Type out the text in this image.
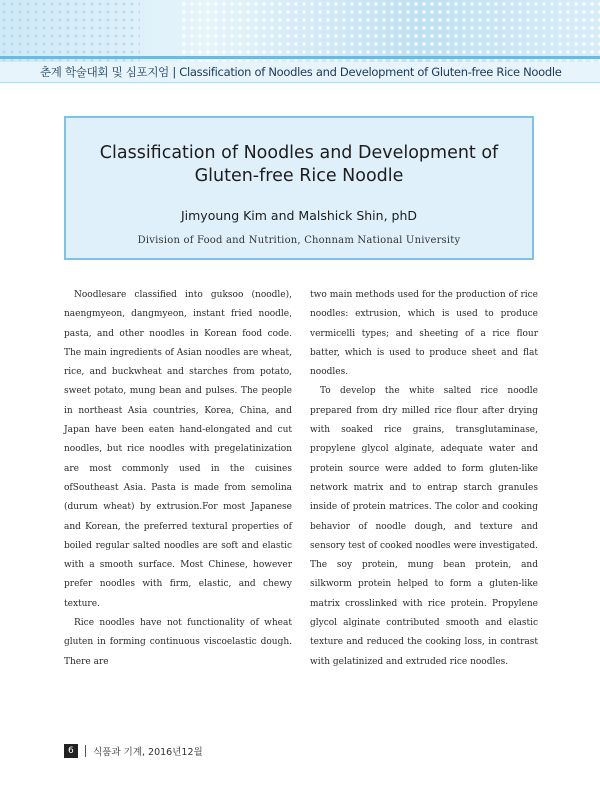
춘계 학술대회 및 심포지엄 | Classification of Noodles and Development of Gluten-free Rice Noodle
Classification of Noodles and Development of Gluten-free Rice Noodle
Jimyoung Kim and Malshick Shin, phD
Division of Food and Nutrition, Chonnam National University

Noodlesare classified into guksoo (noodle), naengmyeon, dangmyeon, instant fried noodle, pasta, and other noodles in Korean food code. The main ingredients of Asian noodles are wheat, rice, and buckwheat and starches from potato, sweet potato, mung bean and pulses. The people in northeast Asia countries, Korea, China, and Japan have been eaten hand-elongated and cut noodles, but rice noodles with pregelatinization are most commonly used in the cuisines ofSoutheast Asia. Pasta is made from semolina (durum wheat) by extrusion.For most Japanese and Korean, the preferred textural properties of boiled regular salted noodles are soft and elastic with a smooth surface. Most Chinese, however prefer noodles with firm, elastic, and chewy texture.

Rice noodles have not functionality of wheat gluten in forming continuous viscoelastic dough. There are

two main methods used for the production of rice noodles: extrusion, which is used to produce vermicelli types; and sheeting of a rice flour batter, which is used to produce sheet and flat noodles.

To develop the white salted rice noodle prepared from dry milled rice flour after drying with soaked rice grains, transglutaminase, propylene glycol alginate, adequate water and protein source were added to form gluten-like network matrix and to entrap starch granules inside of protein matrices. The color and cooking behavior of noodle dough, and texture and sensory test of cooked noodles were investigated. The soy protein, mung bean protein, and silkworm protein helped to form a gluten-like matrix crosslinked with rice protein. Propylene glycol alginate contributed smooth and elastic texture and reduced the cooking loss, in contrast with gelatinized and extruded rice noodles.

6 식품과 기계, 2016년12월
